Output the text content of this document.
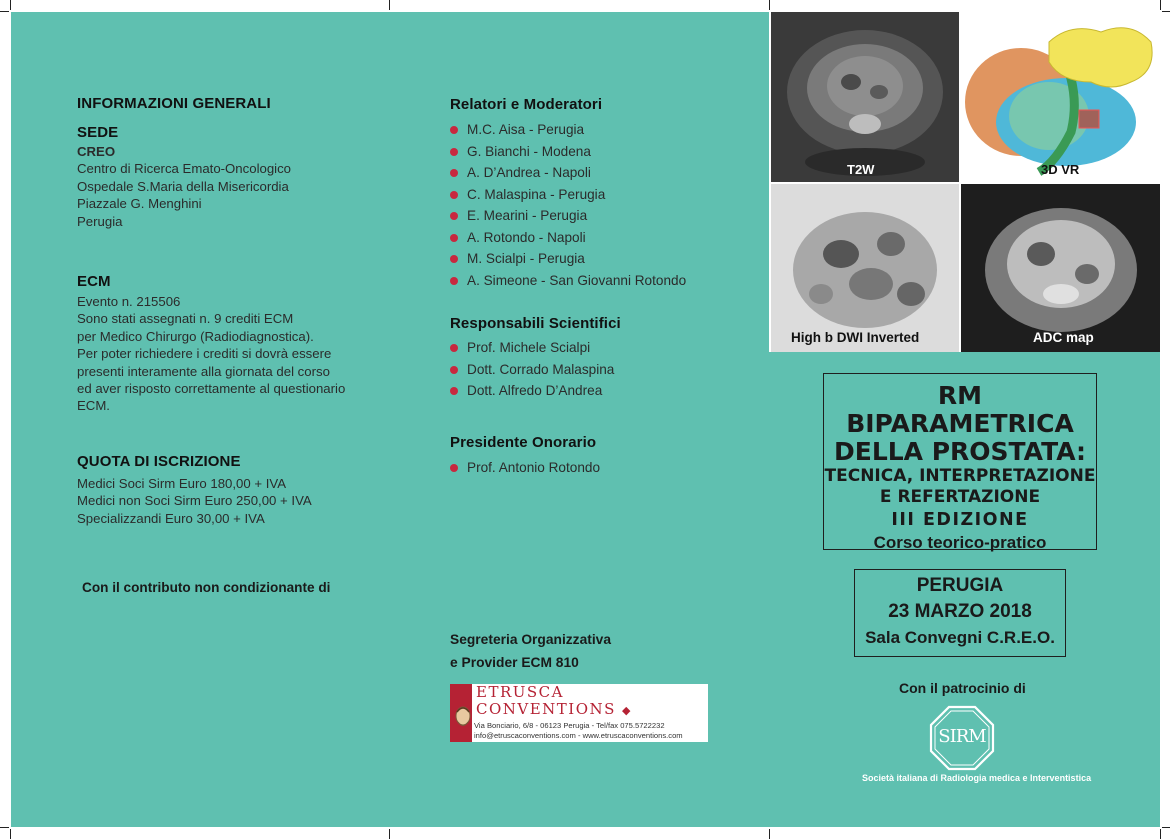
INFORMAZIONI GENERALI
SEDE
CREO
Centro di Ricerca Emato-Oncologico
Ospedale S.Maria della Misericordia
Piazzale G. Menghini
Perugia
ECM
Evento n. 215506
Sono stati assegnati n. 9 crediti ECM
per Medico Chirurgo (Radiodiagnostica).
Per poter richiedere i crediti si dovrà essere
presenti interamente alla giornata del corso
ed aver risposto correttamente al questionario
ECM.
QUOTA DI ISCRIZIONE
Medici Soci Sirm Euro 180,00 + IVA
Medici non Soci Sirm Euro 250,00 + IVA
Specializzandi Euro 30,00 + IVA
Con il contributo non condizionante di
Relatori e Moderatori
M.C. Aisa - Perugia
G. Bianchi - Modena
A. D’Andrea - Napoli
C. Malaspina - Perugia
E. Mearini - Perugia
A. Rotondo - Napoli
M. Scialpi - Perugia
A. Simeone - San Giovanni Rotondo
Responsabili Scientifici
Prof. Michele Scialpi
Dott. Corrado Malaspina
Dott. Alfredo D’Andrea
Presidente Onorario
Prof. Antonio Rotondo
Segreteria Organizzativa
e Provider ECM 810
ETRUSCA
CONVENTIONS ◆
Via Bonciario, 6/8 - 06123 Perugia - Tel/fax 075.5722232
info@etruscaconventions.com - www.etruscaconventions.com
T2W	3D VR
High b DWI Inverted	ADC map
RM BIPARAMETRICA
DELLA PROSTATA:
TECNICA, INTERPRETAZIONE
E REFERTAZIONE
III EDIZIONE
Corso teorico-pratico
PERUGIA
23 MARZO 2018
Sala Convegni C.R.E.O.
Con il patrocinio di
SIRM
Società italiana di Radiologia medica e Interventistica
